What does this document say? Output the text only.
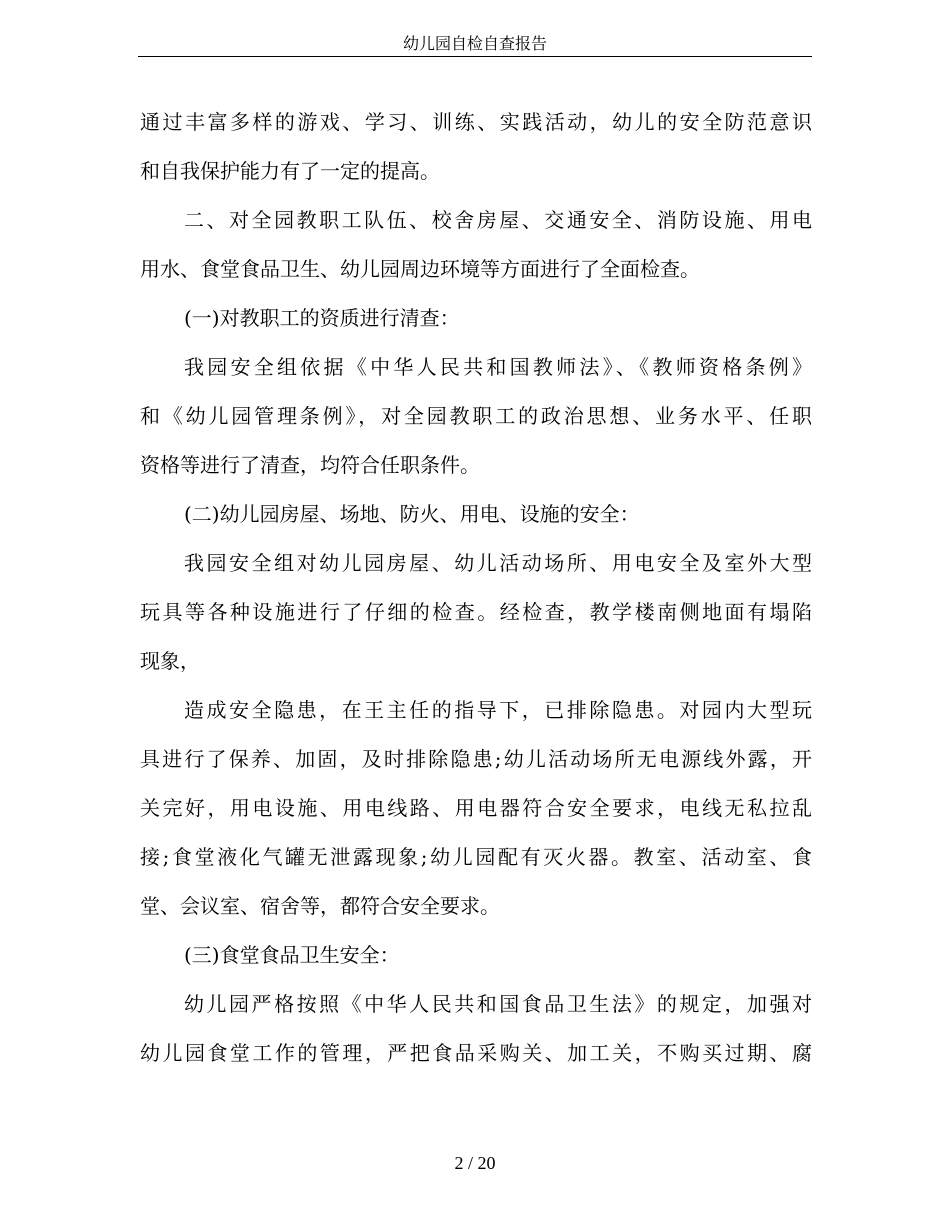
幼儿园自检自查报告
通过丰富多样的游戏、学习、训练、实践活动，幼儿的安全防范意识
和自我保护能力有了一定的提高。
二、对全园教职工队伍、校舍房屋、交通安全、消防设施、用电
用水、食堂食品卫生、幼儿园周边环境等方面进行了全面检查。
(一)对教职工的资质进行清查：
我园安全组依据《中华人民共和国教师法》、《教师资格条例》
和《幼儿园管理条例》，对全园教职工的政治思想、业务水平、任职
资格等进行了清查，均符合任职条件。
(二)幼儿园房屋、场地、防火、用电、设施的安全：
我园安全组对幼儿园房屋、幼儿活动场所、用电安全及室外大型
玩具等各种设施进行了仔细的检查。经检查，教学楼南侧地面有塌陷
现象，
造成安全隐患，在王主任的指导下，已排除隐患。对园内大型玩
具进行了保养、加固，及时排除隐患;幼儿活动场所无电源线外露，开
关完好，用电设施、用电线路、用电器符合安全要求，电线无私拉乱
接;食堂液化气罐无泄露现象;幼儿园配有灭火器。教室、活动室、食
堂、会议室、宿舍等，都符合安全要求。
(三)食堂食品卫生安全：
幼儿园严格按照《中华人民共和国食品卫生法》的规定，加强对
幼儿园食堂工作的管理，严把食品采购关、加工关，不购买过期、腐
2 / 20
